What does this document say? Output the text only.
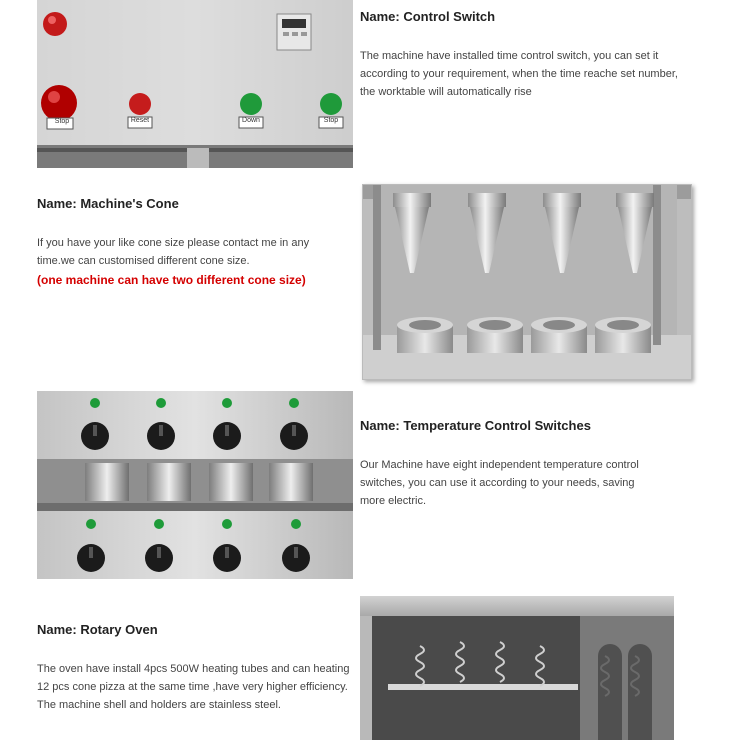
Stop	Reset	Down	Stop
Name: Control Switch
The machine have installed time control switch, you can set it according to your requirement, when the time reache set number, the worktable will automatically rise
Name: Machine's Cone
If you have your like cone size please contact me in any time.we can customised different cone size.
(one machine can have two different cone size)
Name: Temperature Control Switches
Our Machine have eight independent temperature control switches, you can use it according to your needs, saving more electric.
Name: Rotary Oven
The oven have install 4pcs 500W heating tubes and can heating 12 pcs cone pizza at the same time ,have very higher efficiency. The machine shell and holders are stainless steel.
